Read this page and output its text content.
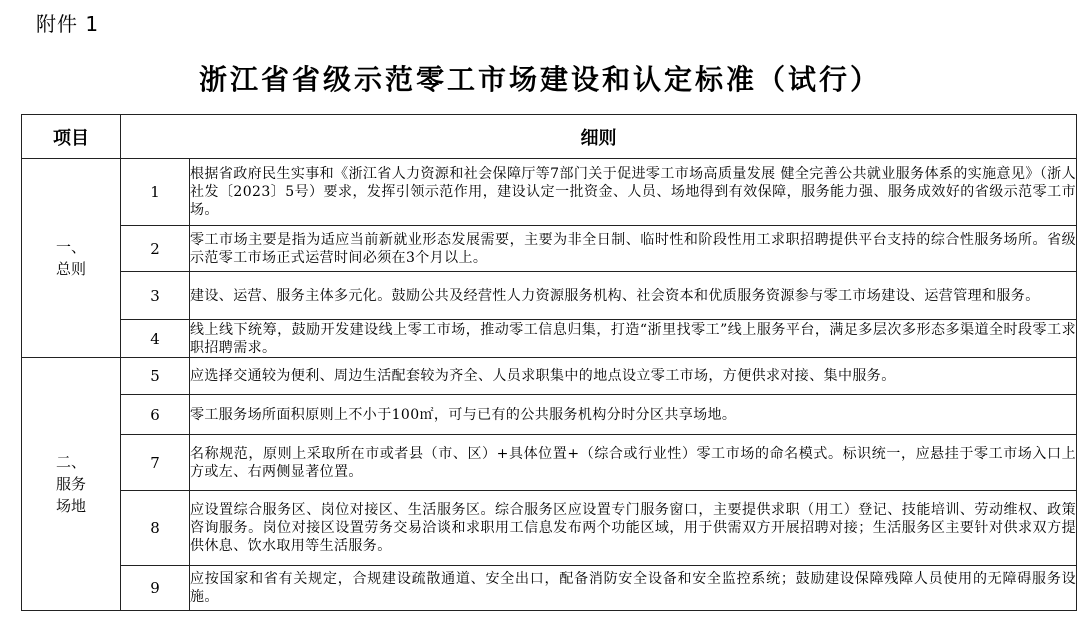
附件 1
浙江省省级示范零工市场建设和认定标准（试行）
项目	细则	
一、
总则	1	根据省政府民生实事和《浙江省人力资源和社会保障厅等7部门关于促进零工市场高质量发展 健全完善公共就业服务体系的实施意见》（浙人社发〔2023〕5号）要求，发挥引领示范作用，建设认定一批资金、人员、场地得到有效保障，服务能力强、服务成效好的省级示范零工市场。
	2	零工市场主要是指为适应当前新就业形态发展需要，主要为非全日制、临时性和阶段性用工求职招聘提供平台支持的综合性服务场所。省级示范零工市场正式运营时间必须在3个月以上。
	3	建设、运营、服务主体多元化。鼓励公共及经营性人力资源服务机构、社会资本和优质服务资源参与零工市场建设、运营管理和服务。
	4	线上线下统筹，鼓励开发建设线上零工市场，推动零工信息归集，打造“浙里找零工”线上服务平台，满足多层次多形态多渠道全时段零工求职招聘需求。
二、
服务
场地	5	应选择交通较为便利、周边生活配套较为齐全、人员求职集中的地点设立零工市场，方便供求对接、集中服务。
	6	零工服务场所面积原则上不小于100㎡，可与已有的公共服务机构分时分区共享场地。
	7	名称规范，原则上采取所在市或者县（市、区）+具体位置+（综合或行业性）零工市场的命名模式。标识统一，应悬挂于零工市场入口上方或左、右两侧显著位置。
	8	应设置综合服务区、岗位对接区、生活服务区。综合服务区应设置专门服务窗口，主要提供求职（用工）登记、技能培训、劳动维权、政策咨询服务。岗位对接区设置劳务交易洽谈和求职用工信息发布两个功能区域，用于供需双方开展招聘对接；生活服务区主要针对供求双方提供休息、饮水取用等生活服务。
	9	应按国家和省有关规定，合规建设疏散通道、安全出口，配备消防安全设备和安全监控系统；鼓励建设保障残障人员使用的无障碍服务设施。
